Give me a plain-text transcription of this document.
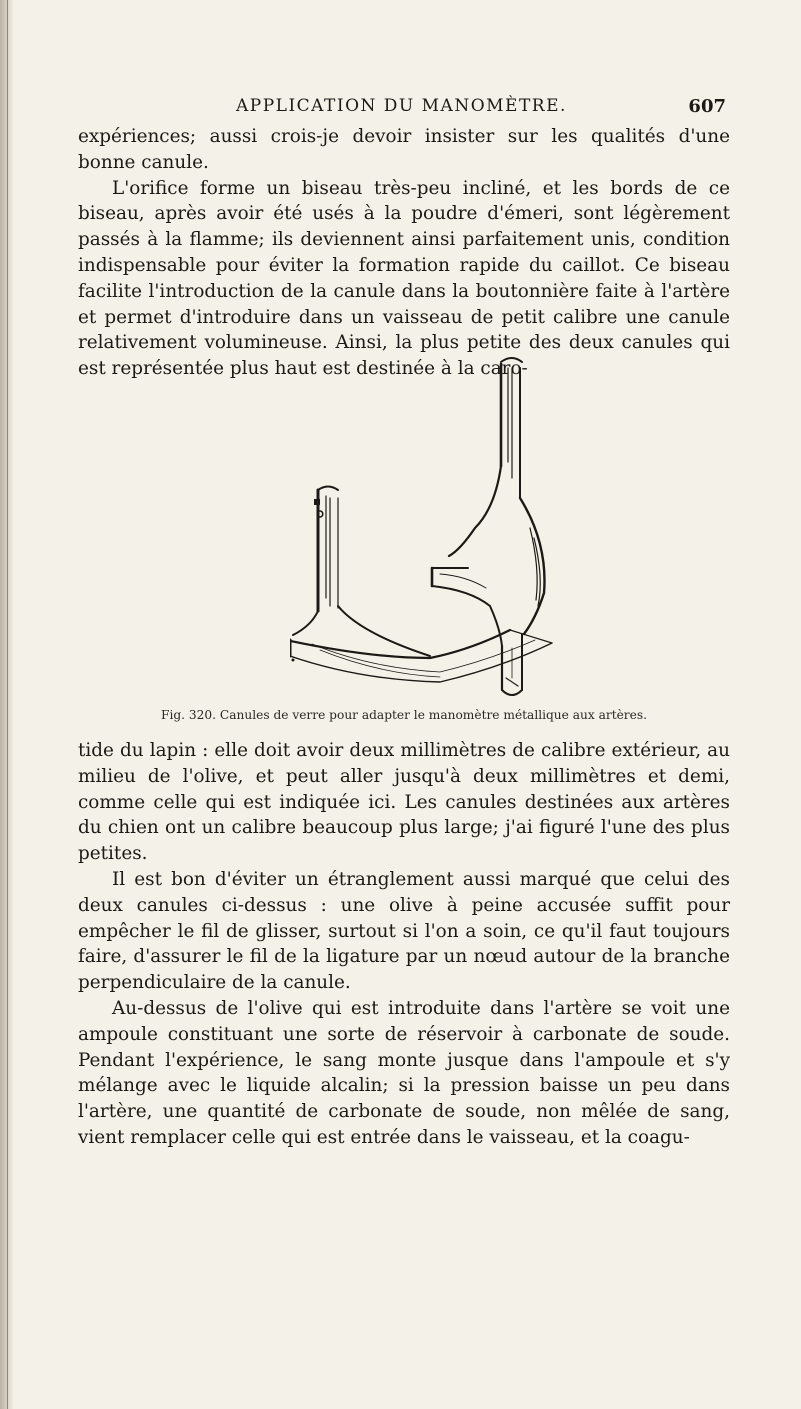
APPLICATION DU MANOMÈTRE.	607
expériences; aussi crois-je devoir insister sur les qualités d'une bonne canule.
L'orifice forme un biseau très-peu incliné, et les bords de ce biseau, après avoir été usés à la poudre d'émeri, sont légèrement passés à la flamme; ils deviennent ainsi parfaitement unis, condition indispensable pour éviter la formation rapide du caillot. Ce biseau facilite l'introduction de la canule dans la boutonnière faite à l'artère et permet d'introduire dans un vaisseau de petit calibre une canule relativement volumineuse. Ainsi, la plus petite des deux canules qui est représentée plus haut est destinée à la caro-
Fig. 320. Canules de verre pour adapter le manomètre métallique aux artères.
tide du lapin : elle doit avoir deux millimètres de calibre extérieur, au milieu de l'olive, et peut aller jusqu'à deux millimètres et demi, comme celle qui est indiquée ici. Les canules destinées aux artères du chien ont un calibre beaucoup plus large; j'ai figuré l'une des plus petites.
Il est bon d'éviter un étranglement aussi marqué que celui des deux canules ci-dessus : une olive à peine accusée suffit pour empêcher le fil de glisser, surtout si l'on a soin, ce qu'il faut toujours faire, d'assurer le fil de la ligature par un nœud autour de la branche perpendiculaire de la canule.
Au-dessus de l'olive qui est introduite dans l'artère se voit une ampoule constituant une sorte de réservoir à carbonate de soude. Pendant l'expérience, le sang monte jusque dans l'ampoule et s'y mélange avec le liquide alcalin; si la pression baisse un peu dans l'artère, une quantité de carbonate de soude, non mêlée de sang, vient remplacer celle qui est entrée dans le vaisseau, et la coagu-
